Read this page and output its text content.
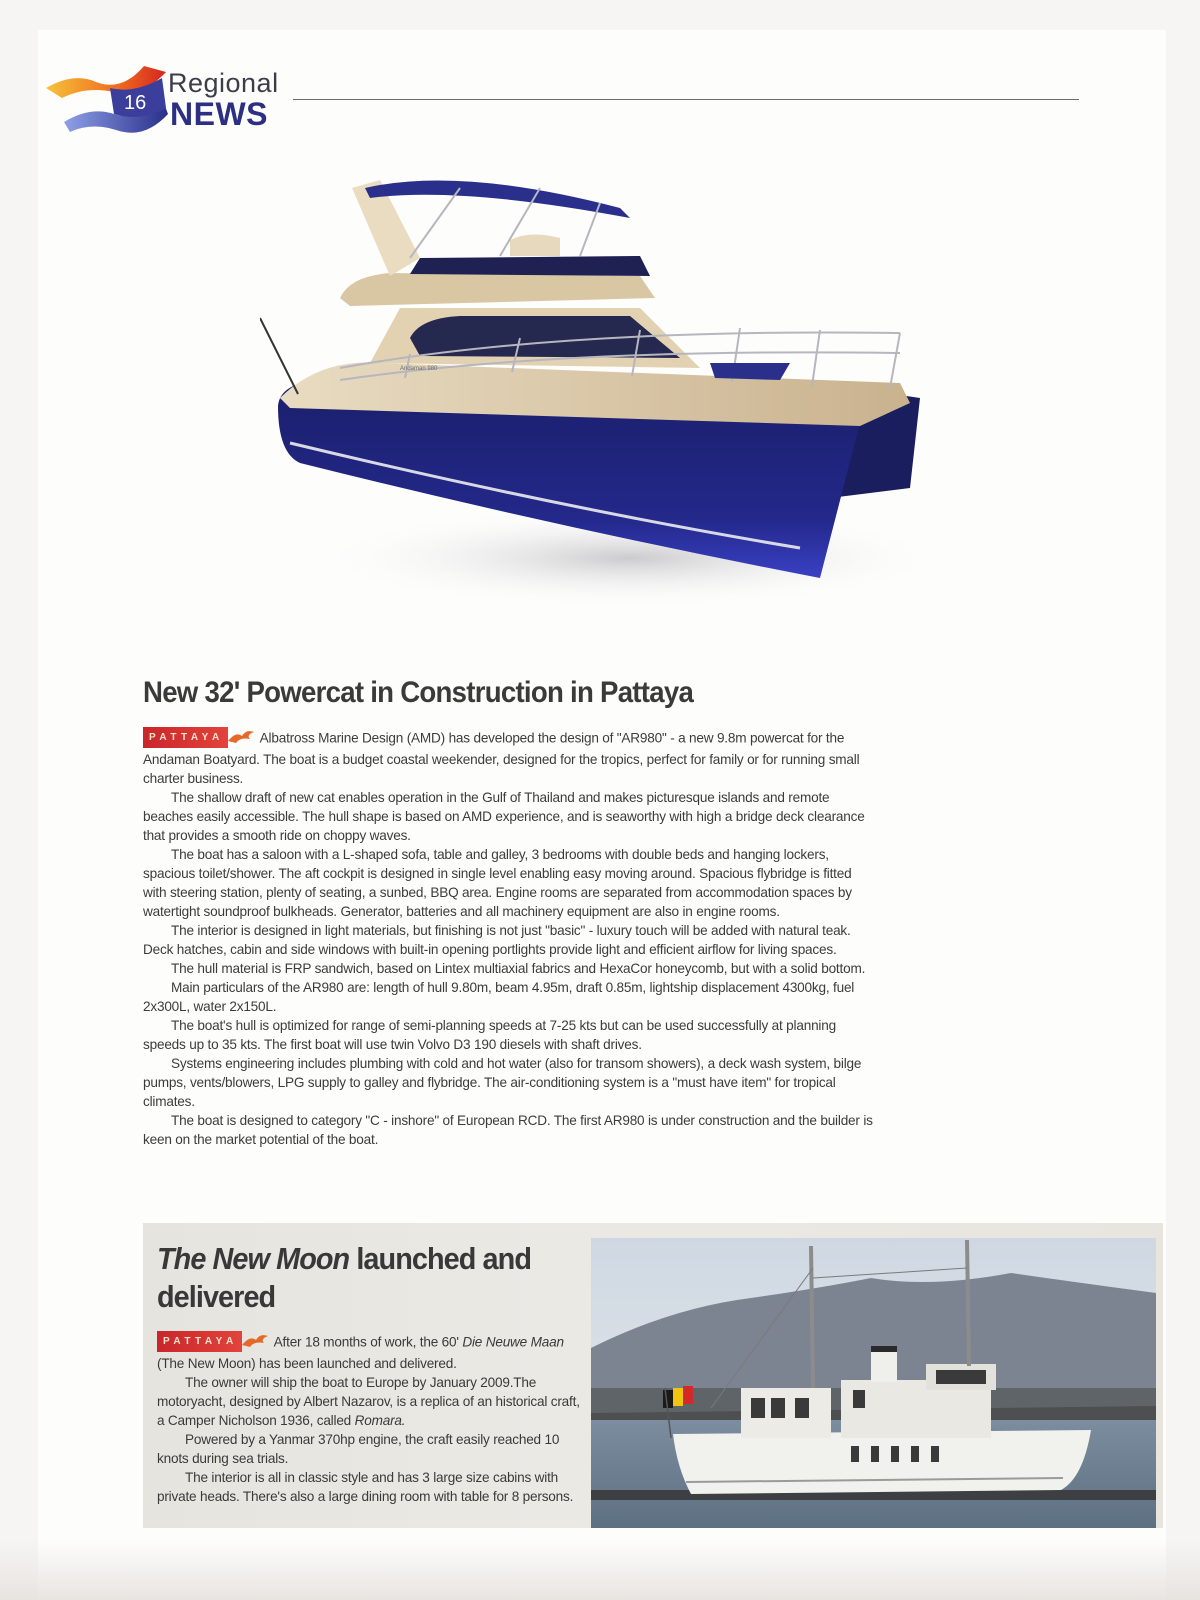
16
Regional
NEWS
Andaman 980
New 32' Powercat in Construction in Pattaya

PATTAYA	Albatross Marine Design (AMD) has developed the design of "AR980" - a new 9.8m powercat for the Andaman Boatyard. The boat is a budget coastal weekender, designed for the tropics, perfect for family or for running small charter business.

The shallow draft of new cat enables operation in the Gulf of Thailand and makes picturesque islands and remote beaches easily accessible. The hull shape is based on AMD experience, and is seaworthy with high a bridge deck clearance that provides a smooth ride on choppy waves.

The boat has a saloon with a L-shaped sofa, table and galley, 3 bedrooms with double beds and hanging lockers, spacious toilet/shower. The aft cockpit is designed in single level enabling easy moving around. Spacious flybridge is fitted with steering station, plenty of seating, a sunbed, BBQ area. Engine rooms are separated from accommodation spaces by watertight soundproof bulkheads. Generator, batteries and all machinery equipment are also in engine rooms.

The interior is designed in light materials, but finishing is not just "basic" - luxury touch will be added with natural teak. Deck hatches, cabin and side windows with built-in opening portlights provide light and efficient airflow for living spaces.

The hull material is FRP sandwich, based on Lintex multiaxial fabrics and HexaCor honeycomb, but with a solid bottom.

Main particulars of the AR980 are: length of hull 9.80m, beam 4.95m, draft 0.85m, lightship displacement 4300kg, fuel 2x300L, water 2x150L.

The boat's hull is optimized for range of semi-planning speeds at 7-25 kts but can be used successfully at planning speeds up to 35 kts. The first boat will use twin Volvo D3 190 diesels with shaft drives.

Systems engineering includes plumbing with cold and hot water (also for transom showers), a deck wash system, bilge pumps, vents/blowers, LPG supply to galley and flybridge. The air-conditioning system is a "must have item" for tropical climates.

The boat is designed to category "C - inshore" of European RCD. The first AR980 is under construction and the builder is keen on the market potential of the boat.

The New Moon launched and delivered

PATTAYA	After 18 months of work, the 60' Die Neuwe Maan (The New Moon) has been launched and delivered.

The owner will ship the boat to Europe by January 2009.The motoryacht, designed by Albert Nazarov, is a replica of an historical craft, a Camper Nicholson 1936, called Romara.

Powered by a Yanmar 370hp engine, the craft easily reached 10 knots during sea trials.

The interior is all in classic style and has 3 large size cabins with private heads. There's also a large dining room with table for 8 persons.
